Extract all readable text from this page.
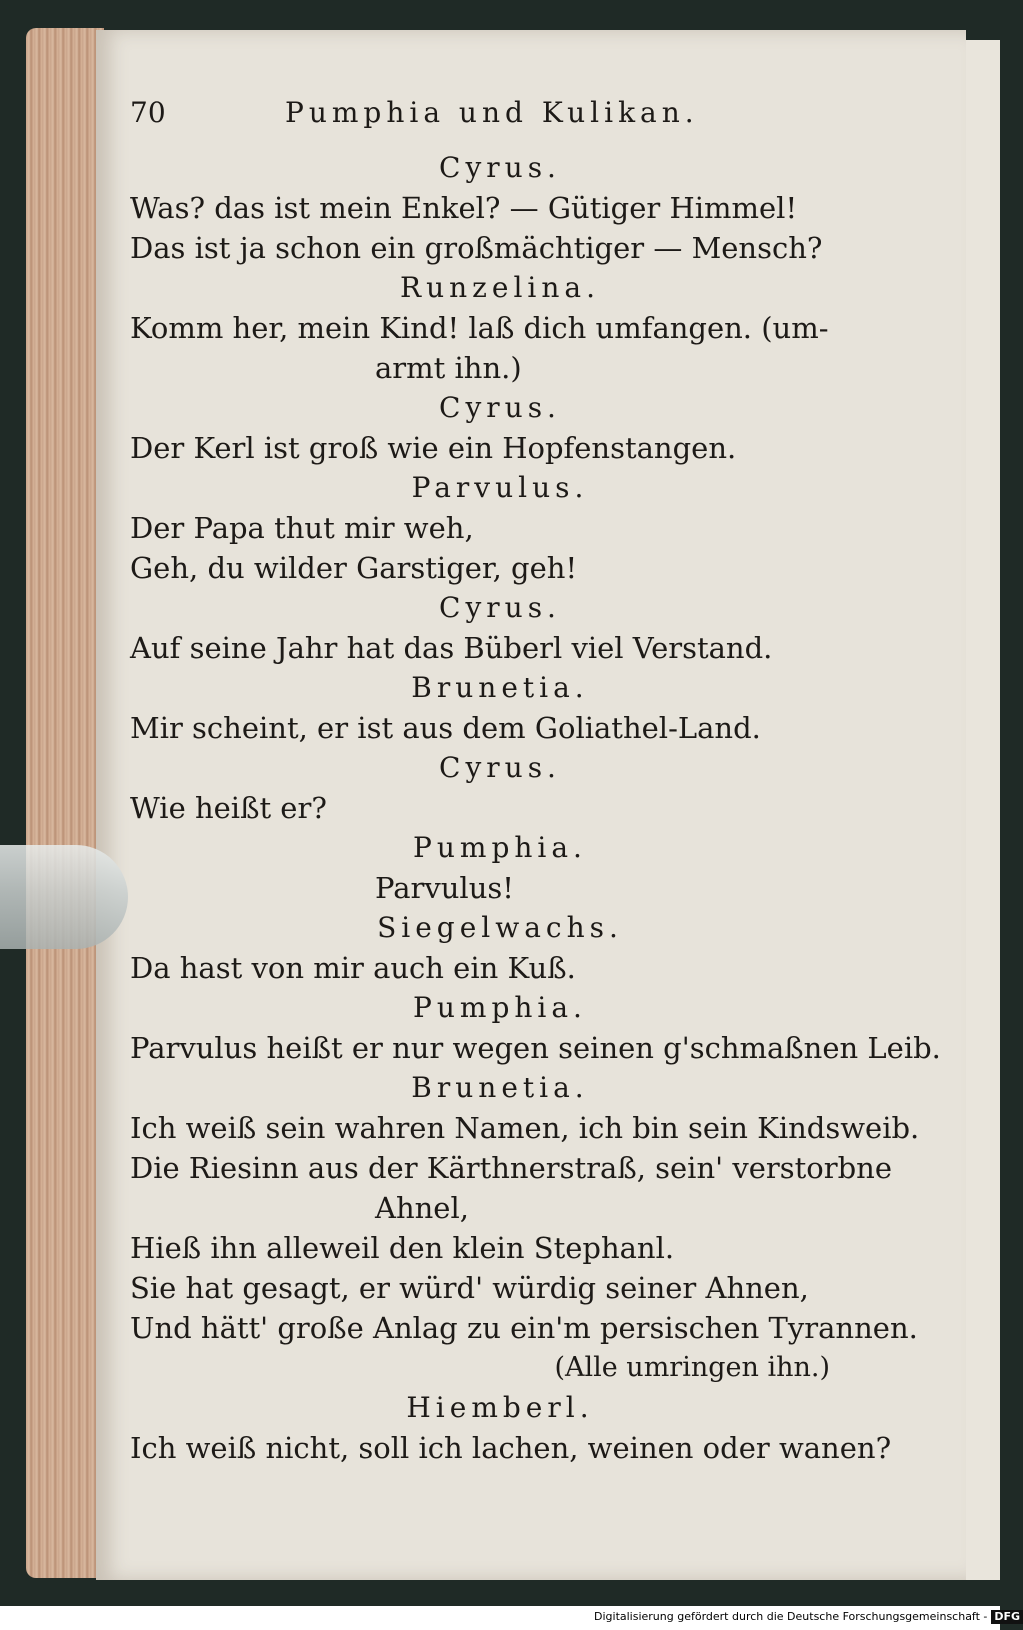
70	Pumphia und Kulikan.
Cyrus.
Was? das ist mein Enkel? — Gütiger Himmel!
Das ist ja schon ein großmächtiger — Mensch?
Runzelina.
Komm her, mein Kind! laß dich umfangen. (um-
armt ihn.)
Cyrus.
Der Kerl ist groß wie ein Hopfenstangen.
Parvulus.
Der Papa thut mir weh,
Geh, du wilder Garstiger, geh!
Cyrus.
Auf seine Jahr hat das Büberl viel Verstand.
Brunetia.
Mir scheint, er ist aus dem Goliathel-Land.
Cyrus.
Wie heißt er?
Pumphia.
Parvulus!
Siegelwachs.
Da hast von mir auch ein Kuß.
Pumphia.
Parvulus heißt er nur wegen seinen g'schmaßnen Leib.
Brunetia.
Ich weiß sein wahren Namen, ich bin sein Kindsweib.
Die Riesinn aus der Kärthnerstraß, sein' verstorbne
Ahnel,
Hieß ihn alleweil den klein Stephanl.
Sie hat gesagt, er würd' würdig seiner Ahnen,
Und hätt' große Anlag zu ein'm persischen Tyrannen.
(Alle umringen ihn.)
Hiemberl.
Ich weiß nicht, soll ich lachen, weinen oder wanen?
Digitalisierung gefördert durch die Deutsche Forschungsgemeinschaft - DFG
